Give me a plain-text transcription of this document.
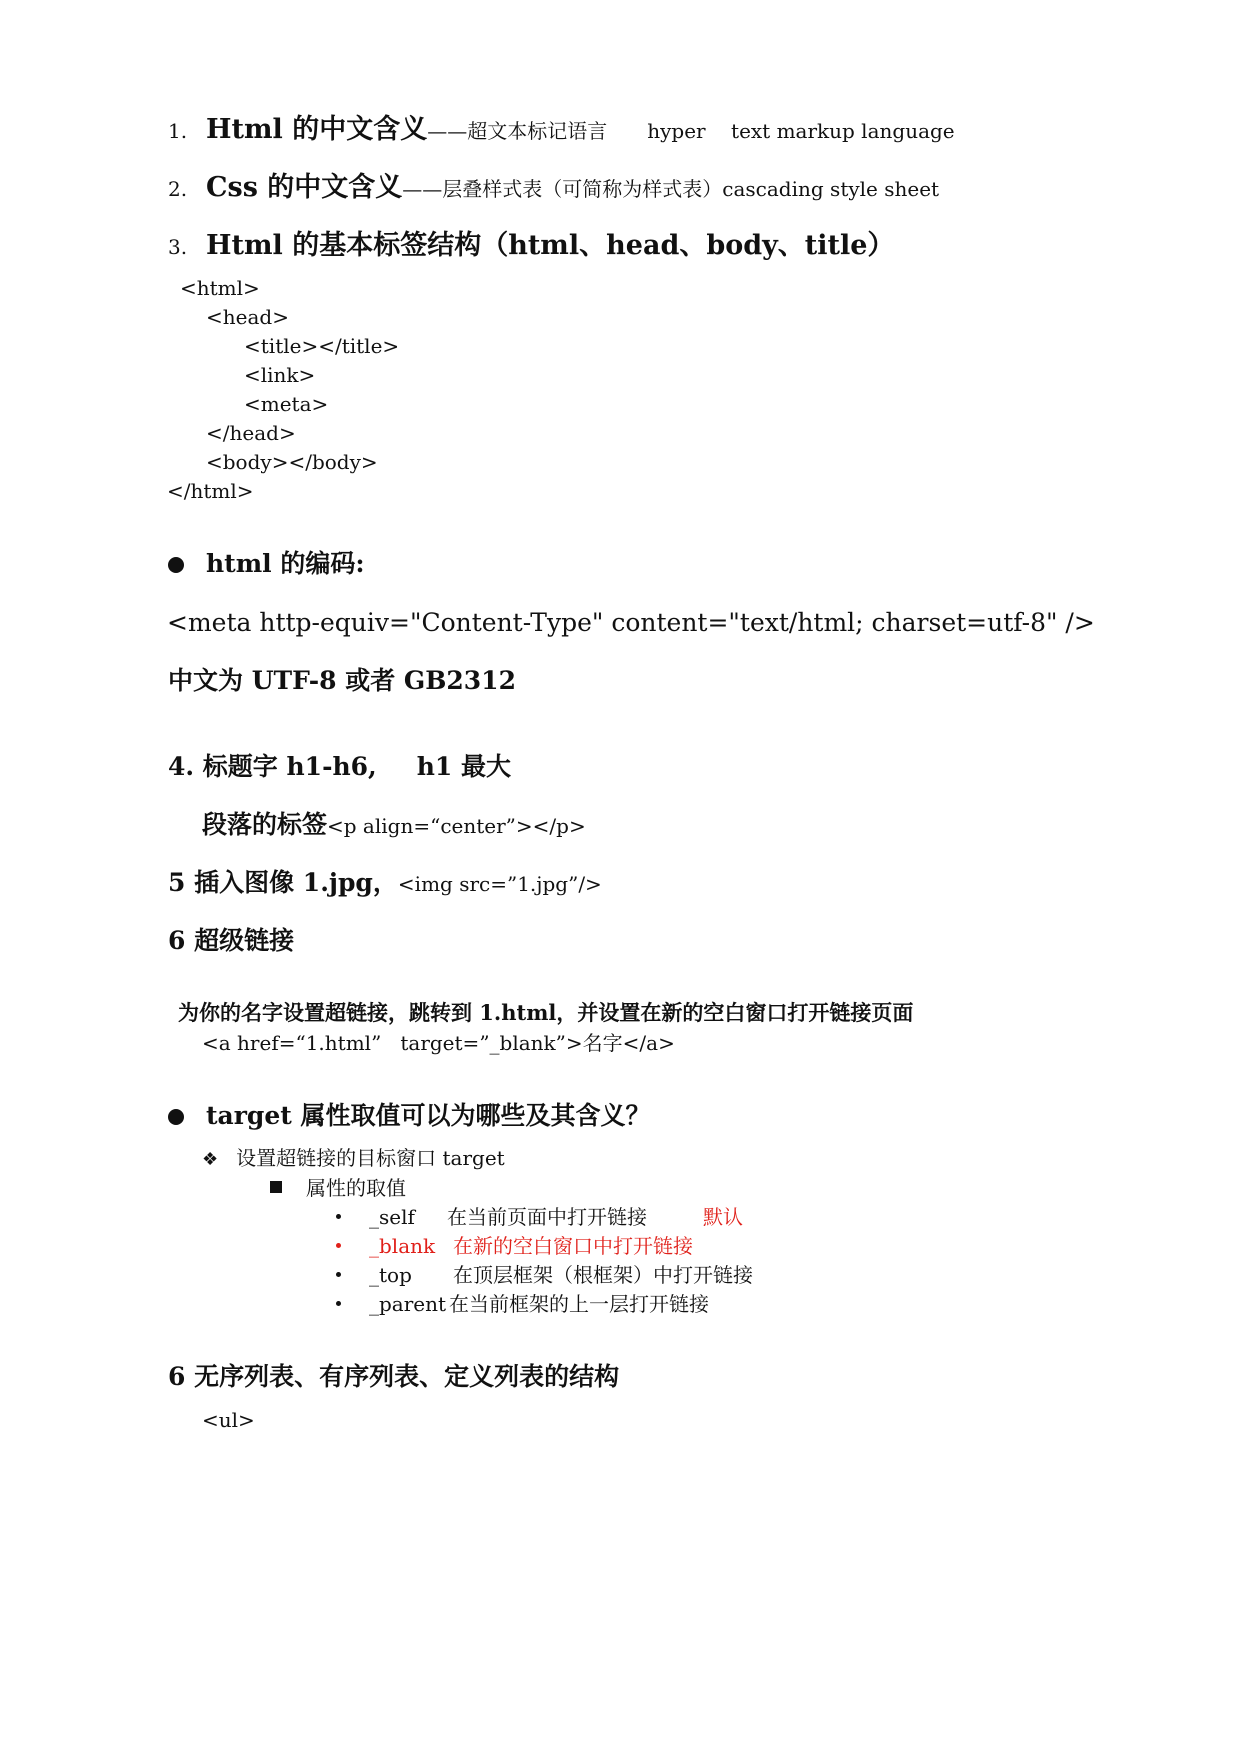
1. Html 的中文含义——超文本标记语言 hyper    text markup language
2. Css 的中文含义——层叠样式表（可简称为样式表）cascading style sheet
3. Html 的基本标签结构（html、head、body、title）
<html>
<head>
<title></title>
<link>
<meta>
</head>
<body></body>
</html>
html 的编码:
<meta http-equiv="Content-Type" content="text/html; charset=utf-8" />
中文为 UTF-8 或者 GB2312
4. 标题字 h1-h6, h1 最大
段落的标签<p align=“center”></p>
5 插入图像 1.jpg，<img src=”1.jpg”/>
6 超级链接
为你的名字设置超链接，跳转到 1.html，并设置在新的空白窗口打开链接页面
<a href=“1.html”   target=”_blank”>名字</a>
target 属性取值可以为哪些及其含义？
❖ 设置超链接的目标窗口 target
属性的取值
_self 在当前页面中打开链接	默认
_blank 在新的空白窗口中打开链接
_top 在顶层框架（根框架）中打开链接
_parent 在当前框架的上一层打开链接
6 无序列表、有序列表、定义列表的结构
<ul>
